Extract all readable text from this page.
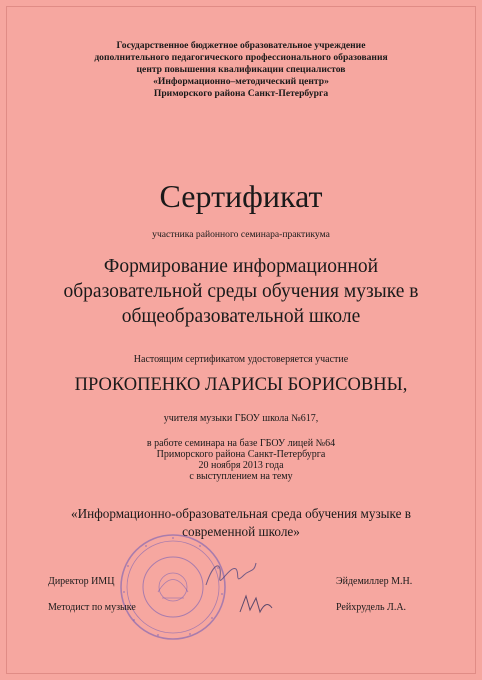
Государственное бюджетное образовательное учреждение
дополнительного педагогического профессионального образования
центр повышения квалификации специалистов
«Информационно–методический центр»
Приморского района Санкт-Петербурга
Сертификат
участника районного семинара-практикума
Формирование информационной
образовательной среды обучения музыке в
общеобразовательной школе
Настоящим сертификатом удостоверяется участие
ПРОКОПЕНКО ЛАРИСЫ БОРИСОВНЫ,
учителя музыки ГБОУ школа №617,
в работе семинара на базе ГБОУ лицей №64
Приморского района Санкт-Петербурга
20 ноября 2013 года
с выступлением на тему
«Информационно-образовательная среда обучения музыке в
современной школе»
Директор ИМЦ	Эйдемиллер М.Н.
Методист по музыке	Рейхрудель Л.А.
